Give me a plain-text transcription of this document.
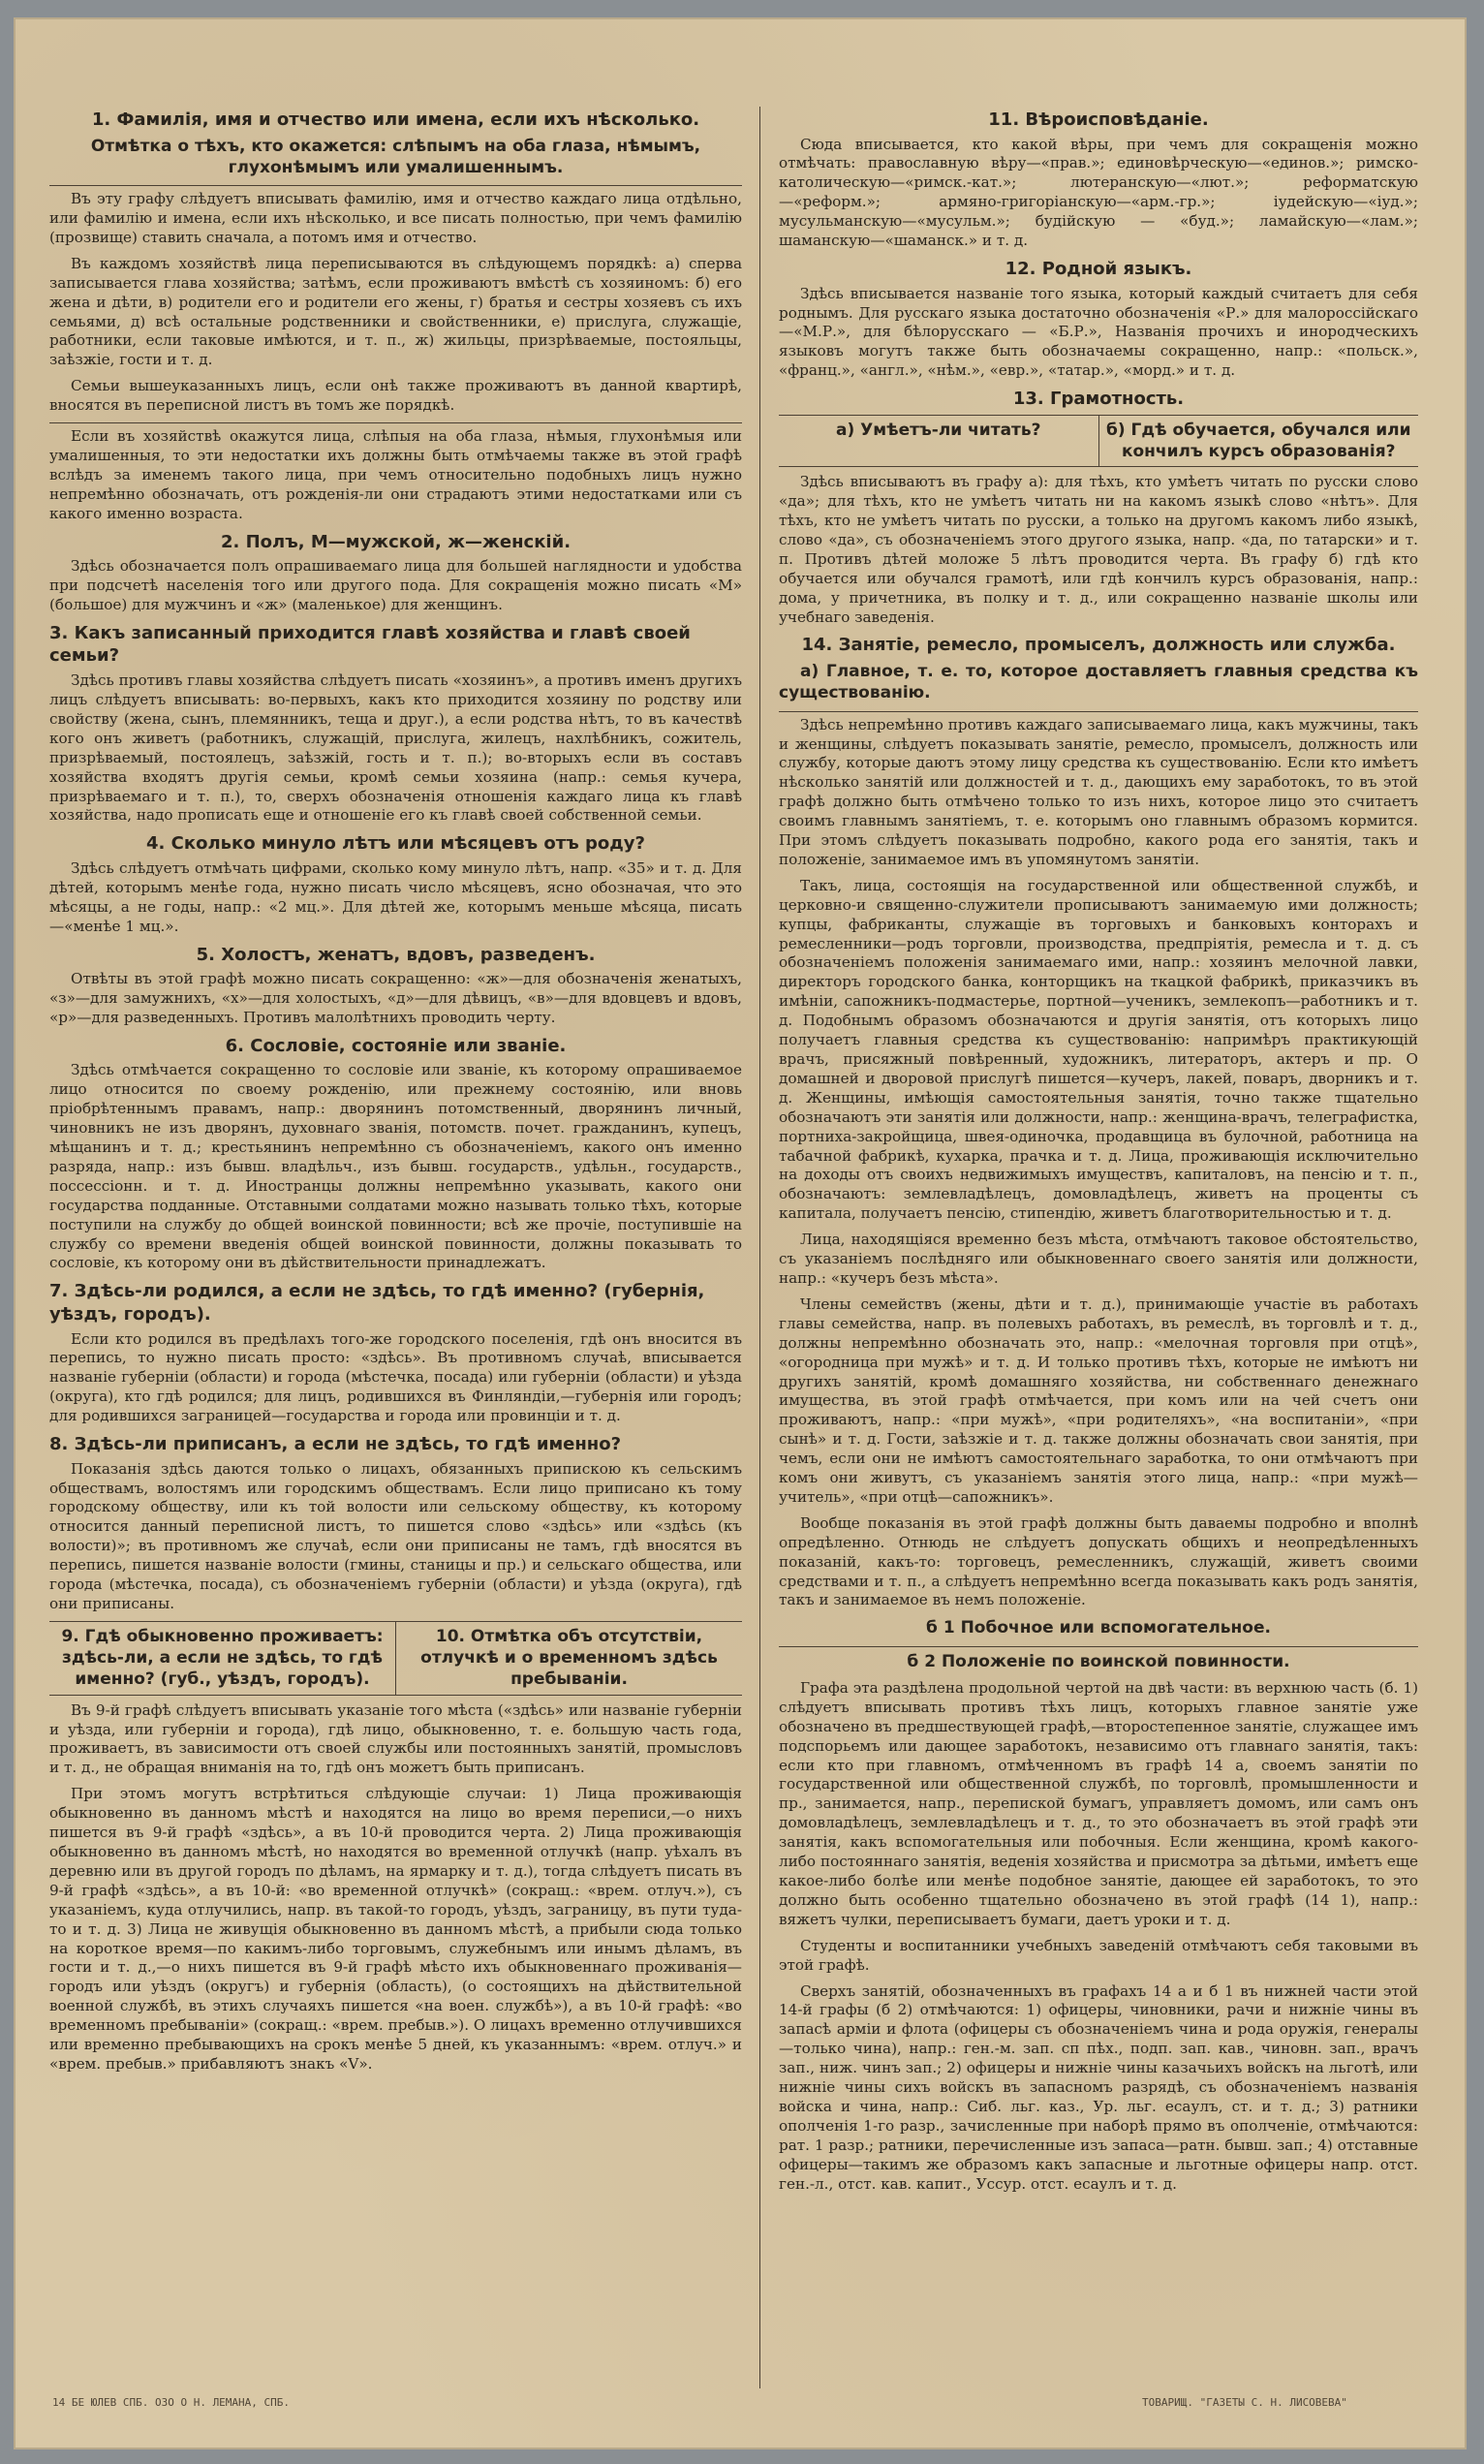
1. Фамилія, имя и отчество или имена, если ихъ нѣсколько.

Отмѣтка о тѣхъ, кто окажется: слѣпымъ на оба глаза, нѣмымъ, глухонѣмымъ или умалишеннымъ.

Въ эту графу слѣдуетъ вписывать фамилію, имя и отчество каждаго лица отдѣльно, или фамилію и имена, если ихъ нѣсколько, и все писать полностью, при чемъ фамилію (прозвище) ставить сначала, а потомъ имя и отчество.

Въ каждомъ хозяйствѣ лица переписываются въ слѣдующемъ порядкѣ: а) сперва записывается глава хозяйства; затѣмъ, если проживаютъ вмѣстѣ съ хозяиномъ: б) его жена и дѣти, в) родители его и родители его жены, г) братья и сестры хозяевъ съ ихъ семьями, д) всѣ остальные родственники и свойственники, е) прислуга, служащіе, работники, если таковые имѣются, и т. п., ж) жильцы, призрѣваемые, постояльцы, заѣзжіе, гости и т. д.

Семьи вышеуказанныхъ лицъ, если онѣ также проживаютъ въ данной квартирѣ, вносятся въ переписной листъ въ томъ же порядкѣ.

Если въ хозяйствѣ окажутся лица, слѣпыя на оба глаза, нѣмыя, глухонѣмыя или умалишенныя, то эти недостатки ихъ должны быть отмѣчаемы также въ этой графѣ вслѣдъ за именемъ такого лица, при чемъ относительно подобныхъ лицъ нужно непремѣнно обозначать, отъ рожденія-ли они страдаютъ этими недостатками или съ какого именно возраста.

2. Полъ, М—мужской, ж—женскій.

Здѣсь обозначается полъ опрашиваемаго лица для большей наглядности и удобства при подсчетѣ населенія того или другого пода. Для сокращенія можно писать «М» (большое) для мужчинъ и «ж» (маленькое) для женщинъ.

3. Какъ записанный приходится главѣ хозяйства и главѣ своей семьи?

Здѣсь противъ главы хозяйства слѣдуетъ писать «хозяинъ», а противъ именъ другихъ лицъ слѣдуетъ вписывать: во-первыхъ, какъ кто приходится хозяину по родству или свойству (жена, сынъ, племянникъ, теща и друг.), а если родства нѣтъ, то въ качествѣ кого онъ живетъ (работникъ, служащій, прислуга, жилецъ, нахлѣбникъ, сожитель, призрѣваемый, постоялецъ, заѣзжій, гость и т. п.); во-вторыхъ если въ составъ хозяйства входятъ другія семьи, кромѣ семьи хозяина (напр.: семья кучера, призрѣваемаго и т. п.), то, сверхъ обозначенія отношенія каждаго лица къ главѣ хозяйства, надо прописать еще и отношеніе его къ главѣ своей собственной семьи.

4. Сколько минуло лѣтъ или мѣсяцевъ отъ роду?

Здѣсь слѣдуетъ отмѣчать цифрами, сколько кому минуло лѣтъ, напр. «35» и т. д. Для дѣтей, которымъ менѣе года, нужно писать число мѣсяцевъ, ясно обозначая, что это мѣсяцы, а не годы, напр.: «2 мц.». Для дѣтей же, которымъ меньше мѣсяца, писать—«менѣе 1 мц.».

5. Холостъ, женатъ, вдовъ, разведенъ.

Отвѣты въ этой графѣ можно писать сокращенно: «ж»—для обозначенія женатыхъ, «з»—для замужнихъ, «х»—для холостыхъ, «д»—для дѣвицъ, «в»—для вдовцевъ и вдовъ, «р»—для разведенныхъ. Противъ малолѣтнихъ проводить черту.

6. Сословіе, состояніе или званіе.

Здѣсь отмѣчается сокращенно то сословіе или званіе, къ которому опрашиваемое лицо относится по своему рожденію, или прежнему состоянію, или вновь пріобрѣтеннымъ правамъ, напр.: дворянинъ потомственный, дворянинъ личный, чиновникъ не изъ дворянъ, духовнаго званія, потомств. почет. гражданинъ, купецъ, мѣщанинъ и т. д.; крестьянинъ непремѣнно съ обозначеніемъ, какого онъ именно разряда, напр.: изъ бывш. владѣльч., изъ бывш. государств., удѣльн., государств., поссессіонн. и т. д. Иностранцы должны непремѣнно указывать, какого они государства подданные. Отставными солдатами можно называть только тѣхъ, которые поступили на службу до общей воинской повинности; всѣ же прочіе, поступившіе на службу со времени введенія общей воинской повинности, должны показывать то сословіе, къ которому они въ дѣйствительности принадлежатъ.

7. Здѣсь-ли родился, а если не здѣсь, то гдѣ именно? (губернія, уѣздъ, городъ).

Если кто родился въ предѣлахъ того-же городского поселенія, гдѣ онъ вносится въ перепись, то нужно писать просто: «здѣсь». Въ противномъ случаѣ, вписывается названіе губерніи (области) и города (мѣстечка, посада) или губерніи (области) и уѣзда (округа), кто гдѣ родился; для лицъ, родившихся въ Финляндіи,—губернія или городъ; для родившихся заграницей—государства и города или провинціи и т. д.

8. Здѣсь-ли приписанъ, а если не здѣсь, то гдѣ именно?

Показанія здѣсь даются только о лицахъ, обязанныхъ припискою къ сельскимъ обществамъ, волостямъ или городскимъ обществамъ. Если лицо приписано къ тому городскому обществу, или къ той волости или сельскому обществу, къ которому относится данный переписной листъ, то пишется слово «здѣсь» или «здѣсь (къ волости)»; въ противномъ же случаѣ, если они приписаны не тамъ, гдѣ вносятся въ перепись, пишется названіе волости (гмины, станицы и пр.) и сельскаго общества, или города (мѣстечка, посада), съ обозначеніемъ губерніи (области) и уѣзда (округа), гдѣ они приписаны.

9. Гдѣ обыкновенно проживаетъ: здѣсь-ли, а если не здѣсь, то гдѣ именно? (губ., уѣздъ, городъ).

10. Отмѣтка объ отсутствіи, отлучкѣ и о временномъ здѣсь пребываніи.

Въ 9-й графѣ слѣдуетъ вписывать указаніе того мѣста («здѣсь» или названіе губерніи и уѣзда, или губерніи и города), гдѣ лицо, обыкновенно, т. е. большую часть года, проживаетъ, въ зависимости отъ своей службы или постоянныхъ занятій, промысловъ и т. д., не обращая вниманія на то, гдѣ онъ можетъ быть приписанъ.

При этомъ могутъ встрѣтиться слѣдующіе случаи: 1) Лица проживающія обыкновенно въ данномъ мѣстѣ и находятся на лицо во время переписи,—о нихъ пишется въ 9-й графѣ «здѣсь», а въ 10-й проводится черта. 2) Лица проживающія обыкновенно въ данномъ мѣстѣ, но находятся во временной отлучкѣ (напр. уѣхалъ въ деревню или въ другой городъ по дѣламъ, на ярмарку и т. д.), тогда слѣдуетъ писать въ 9-й графѣ «здѣсь», а въ 10-й: «во временной отлучкѣ» (сокращ.: «врем. отлуч.»), съ указаніемъ, куда отлучились, напр. въ такой-то городъ, уѣздъ, заграницу, въ пути туда-то и т. д. 3) Лица не живущія обыкновенно въ данномъ мѣстѣ, а прибыли сюда только на короткое время—по какимъ-либо торговымъ, служебнымъ или инымъ дѣламъ, въ гости и т. д.,—о нихъ пишется въ 9-й графѣ мѣсто ихъ обыкновеннаго проживанія—городъ или уѣздъ (округъ) и губернія (область), (о состоящихъ на дѣйствительной военной службѣ, въ этихъ случаяхъ пишется «на воен. службѣ»), а въ 10-й графѣ: «во временномъ пребываніи» (сокращ.: «врем. пребыв.»). О лицахъ временно отлучившихся или временно пребывающихъ на срокъ менѣе 5 дней, къ указаннымъ: «врем. отлуч.» и «врем. пребыв.» прибавляютъ знакъ «V».

11. Вѣроисповѣданіе.

Сюда вписывается, кто какой вѣры, при чемъ для сокращенія можно отмѣчать: православную вѣру—«прав.»; единовѣрческую—«единов.»; римско-католическую—«римск.-кат.»; лютеранскую—«лют.»; реформатскую—«реформ.»; армяно-григоріанскую—«арм.-гр.»; іудейскую—«іуд.»; мусульманскую—«мусульм.»; будійскую — «буд.»; ламайскую—«лам.»; шаманскую—«шаманск.» и т. д.

12. Родной языкъ.

Здѣсь вписывается названіе того языка, который каждый считаетъ для себя роднымъ. Для русскаго языка достаточно обозначенія «Р.» для малороссійскаго—«М.Р.», для бѣлорусскаго — «Б.Р.», Названія прочихъ и инородческихъ языковъ могутъ также быть обозначаемы сокращенно, напр.: «польск.», «франц.», «англ.», «нѣм.», «евр.», «татар.», «морд.» и т. д.

13. Грамотность.

а) Умѣетъ-ли читать?	б) Гдѣ обучается, обучался или кончилъ курсъ образованія?

Здѣсь вписываютъ въ графу а): для тѣхъ, кто умѣетъ читать по русски слово «да»; для тѣхъ, кто не умѣетъ читать ни на какомъ языкѣ слово «нѣтъ». Для тѣхъ, кто не умѣетъ читать по русски, а только на другомъ какомъ либо языкѣ, слово «да», съ обозначеніемъ этого другого языка, напр. «да, по татарски» и т. п. Противъ дѣтей моложе 5 лѣтъ проводится черта. Въ графу б) гдѣ кто обучается или обучался грамотѣ, или гдѣ кончилъ курсъ образованія, напр.: дома, у причетника, въ полку и т. д., или сокращенно названіе школы или учебнаго заведенія.

14. Занятіе, ремесло, промыселъ, должность или служба.

а) Главное, т. е. то, которое доставляетъ главныя средства къ существованію.

Здѣсь непремѣнно противъ каждаго записываемаго лица, какъ мужчины, такъ и женщины, слѣдуетъ показывать занятіе, ремесло, промыселъ, должность или службу, которые даютъ этому лицу средства къ существованію. Если кто имѣетъ нѣсколько занятій или должностей и т. д., дающихъ ему заработокъ, то въ этой графѣ должно быть отмѣчено только то изъ нихъ, которое лицо это считаетъ своимъ главнымъ занятіемъ, т. е. которымъ оно главнымъ образомъ кормится. При этомъ слѣдуетъ показывать подробно, какого рода его занятія, такъ и положеніе, занимаемое имъ въ упомянутомъ занятіи.

Такъ, лица, состоящія на государственной или общественной службѣ, и церковно-и священно-служители прописываютъ занимаемую ими должность; купцы, фабриканты, служащіе въ торговыхъ и банковыхъ конторахъ и ремесленники—родъ торговли, производства, предпріятія, ремесла и т. д. съ обозначеніемъ положенія занимаемаго ими, напр.: хозяинъ мелочной лавки, директоръ городского банка, конторщикъ на ткацкой фабрикѣ, приказчикъ въ имѣніи, сапожникъ-подмастерье, портной—ученикъ, землекопъ—работникъ и т. д. Подобнымъ образомъ обозначаются и другія занятія, отъ которыхъ лицо получаетъ главныя средства къ существованію: напримѣръ практикующій врачъ, присяжный повѣренный, художникъ, литераторъ, актеръ и пр. О домашней и дворовой прислугѣ пишется—кучеръ, лакей, поваръ, дворникъ и т. д. Женщины, имѣющія самостоятельныя занятія, точно также тщательно обозначаютъ эти занятія или должности, напр.: женщина-врачъ, телеграфистка, портниха-закройщица, швея-одиночка, продавщица въ булочной, работница на табачной фабрикѣ, кухарка, прачка и т. д. Лица, проживающія исключительно на доходы отъ своихъ недвижимыхъ имуществъ, капиталовъ, на пенсію и т. п., обозначаютъ: землевладѣлецъ, домовладѣлецъ, живетъ на проценты съ капитала, получаетъ пенсію, стипендію, живетъ благотворительностью и т. д.

Лица, находящіяся временно безъ мѣста, отмѣчаютъ таковое обстоятельство, съ указаніемъ послѣдняго или обыкновеннаго своего занятія или должности, напр.: «кучеръ безъ мѣста».

Члены семействъ (жены, дѣти и т. д.), принимающіе участіе въ работахъ главы семейства, напр. въ полевыхъ работахъ, въ ремеслѣ, въ торговлѣ и т. д., должны непремѣнно обозначать это, напр.: «мелочная торговля при отцѣ», «огородница при мужѣ» и т. д. И только противъ тѣхъ, которые не имѣютъ ни другихъ занятій, кромѣ домашняго хозяйства, ни собственнаго денежнаго имущества, въ этой графѣ отмѣчается, при комъ или на чей счетъ они проживаютъ, напр.: «при мужѣ», «при родителяхъ», «на воспитаніи», «при сынѣ» и т. д. Гости, заѣзжіе и т. д. также должны обозначать свои занятія, при чемъ, если они не имѣютъ самостоятельнаго заработка, то они отмѣчаютъ при комъ они живутъ, съ указаніемъ занятія этого лица, напр.: «при мужѣ—учитель», «при отцѣ—сапожникъ».

Вообще показанія въ этой графѣ должны быть даваемы подробно и вполнѣ опредѣленно. Отнюдь не слѣдуетъ допускать общихъ и неопредѣленныхъ показаній, какъ-то: торговецъ, ремесленникъ, служащій, живетъ своими средствами и т. п., а слѣдуетъ непремѣнно всегда показывать какъ родъ занятія, такъ и занимаемое въ немъ положеніе.

б 1 Побочное или вспомогательное.

б 2 Положеніе по воинской повинности.

Графа эта раздѣлена продольной чертой на двѣ части: въ верхнюю часть (б. 1) слѣдуетъ вписывать противъ тѣхъ лицъ, которыхъ главное занятіе уже обозначено въ предшествующей графѣ,—второстепенное занятіе, служащее имъ подспорьемъ или дающее заработокъ, независимо отъ главнаго занятія, такъ: если кто при главномъ, отмѣченномъ въ графѣ 14 а, своемъ занятіи по государственной или общественной службѣ, по торговлѣ, промышленности и пр., занимается, напр., перепиской бумагъ, управляетъ домомъ, или самъ онъ домовладѣлецъ, землевладѣлецъ и т. д., то это обозначаетъ въ этой графѣ эти занятія, какъ вспомогательныя или побочныя. Если женщина, кромѣ какого-либо постояннаго занятія, веденія хозяйства и присмотра за дѣтьми, имѣетъ еще какое-либо болѣе или менѣе подобное занятіе, дающее ей заработокъ, то это должно быть особенно тщательно обозначено въ этой графѣ (14 1), напр.: вяжетъ чулки, переписываетъ бумаги, даетъ уроки и т. д.

Студенты и воспитанники учебныхъ заведеній отмѣчаютъ себя таковыми въ этой графѣ.

Сверхъ занятій, обозначенныхъ въ графахъ 14 а и б 1 въ нижней части этой 14-й графы (б 2) отмѣчаются: 1) офицеры, чиновники, рачи и нижніе чины въ запасѣ арміи и флота (офицеры съ обозначеніемъ чина и рода оружія, генералы—только чина), напр.: ген.-м. зап. сп пѣх., подп. зап. кав., чиновн. зап., врачъ зап., ниж. чинъ зап.; 2) офицеры и нижніе чины казачьихъ войскъ на льготѣ, или нижніе чины сихъ войскъ въ запасномъ разрядѣ, съ обозначеніемъ названія войска и чина, напр.: Сиб. льг. каз., Ур. льг. есаулъ, ст. и т. д.; 3) ратники ополченія 1-го разр., зачисленные при наборѣ прямо въ ополченіе, отмѣчаются: рат. 1 разр.; ратники, перечисленные изъ запаса—ратн. бывш. зап.; 4) отставные офицеры—такимъ же образомъ какъ запасные и льготные офицеры напр. отст. ген.-л., отст. кав. капит., Уссур. отст. есаулъ и т. д.

14 БЕ ЮЛЕВ СПБ. ОЗО О Н. ЛЕМАНА, СПБ.	ТОВАРИЩ. "ГАЗЕТЫ С. Н. ЛИСОВЕВА"
